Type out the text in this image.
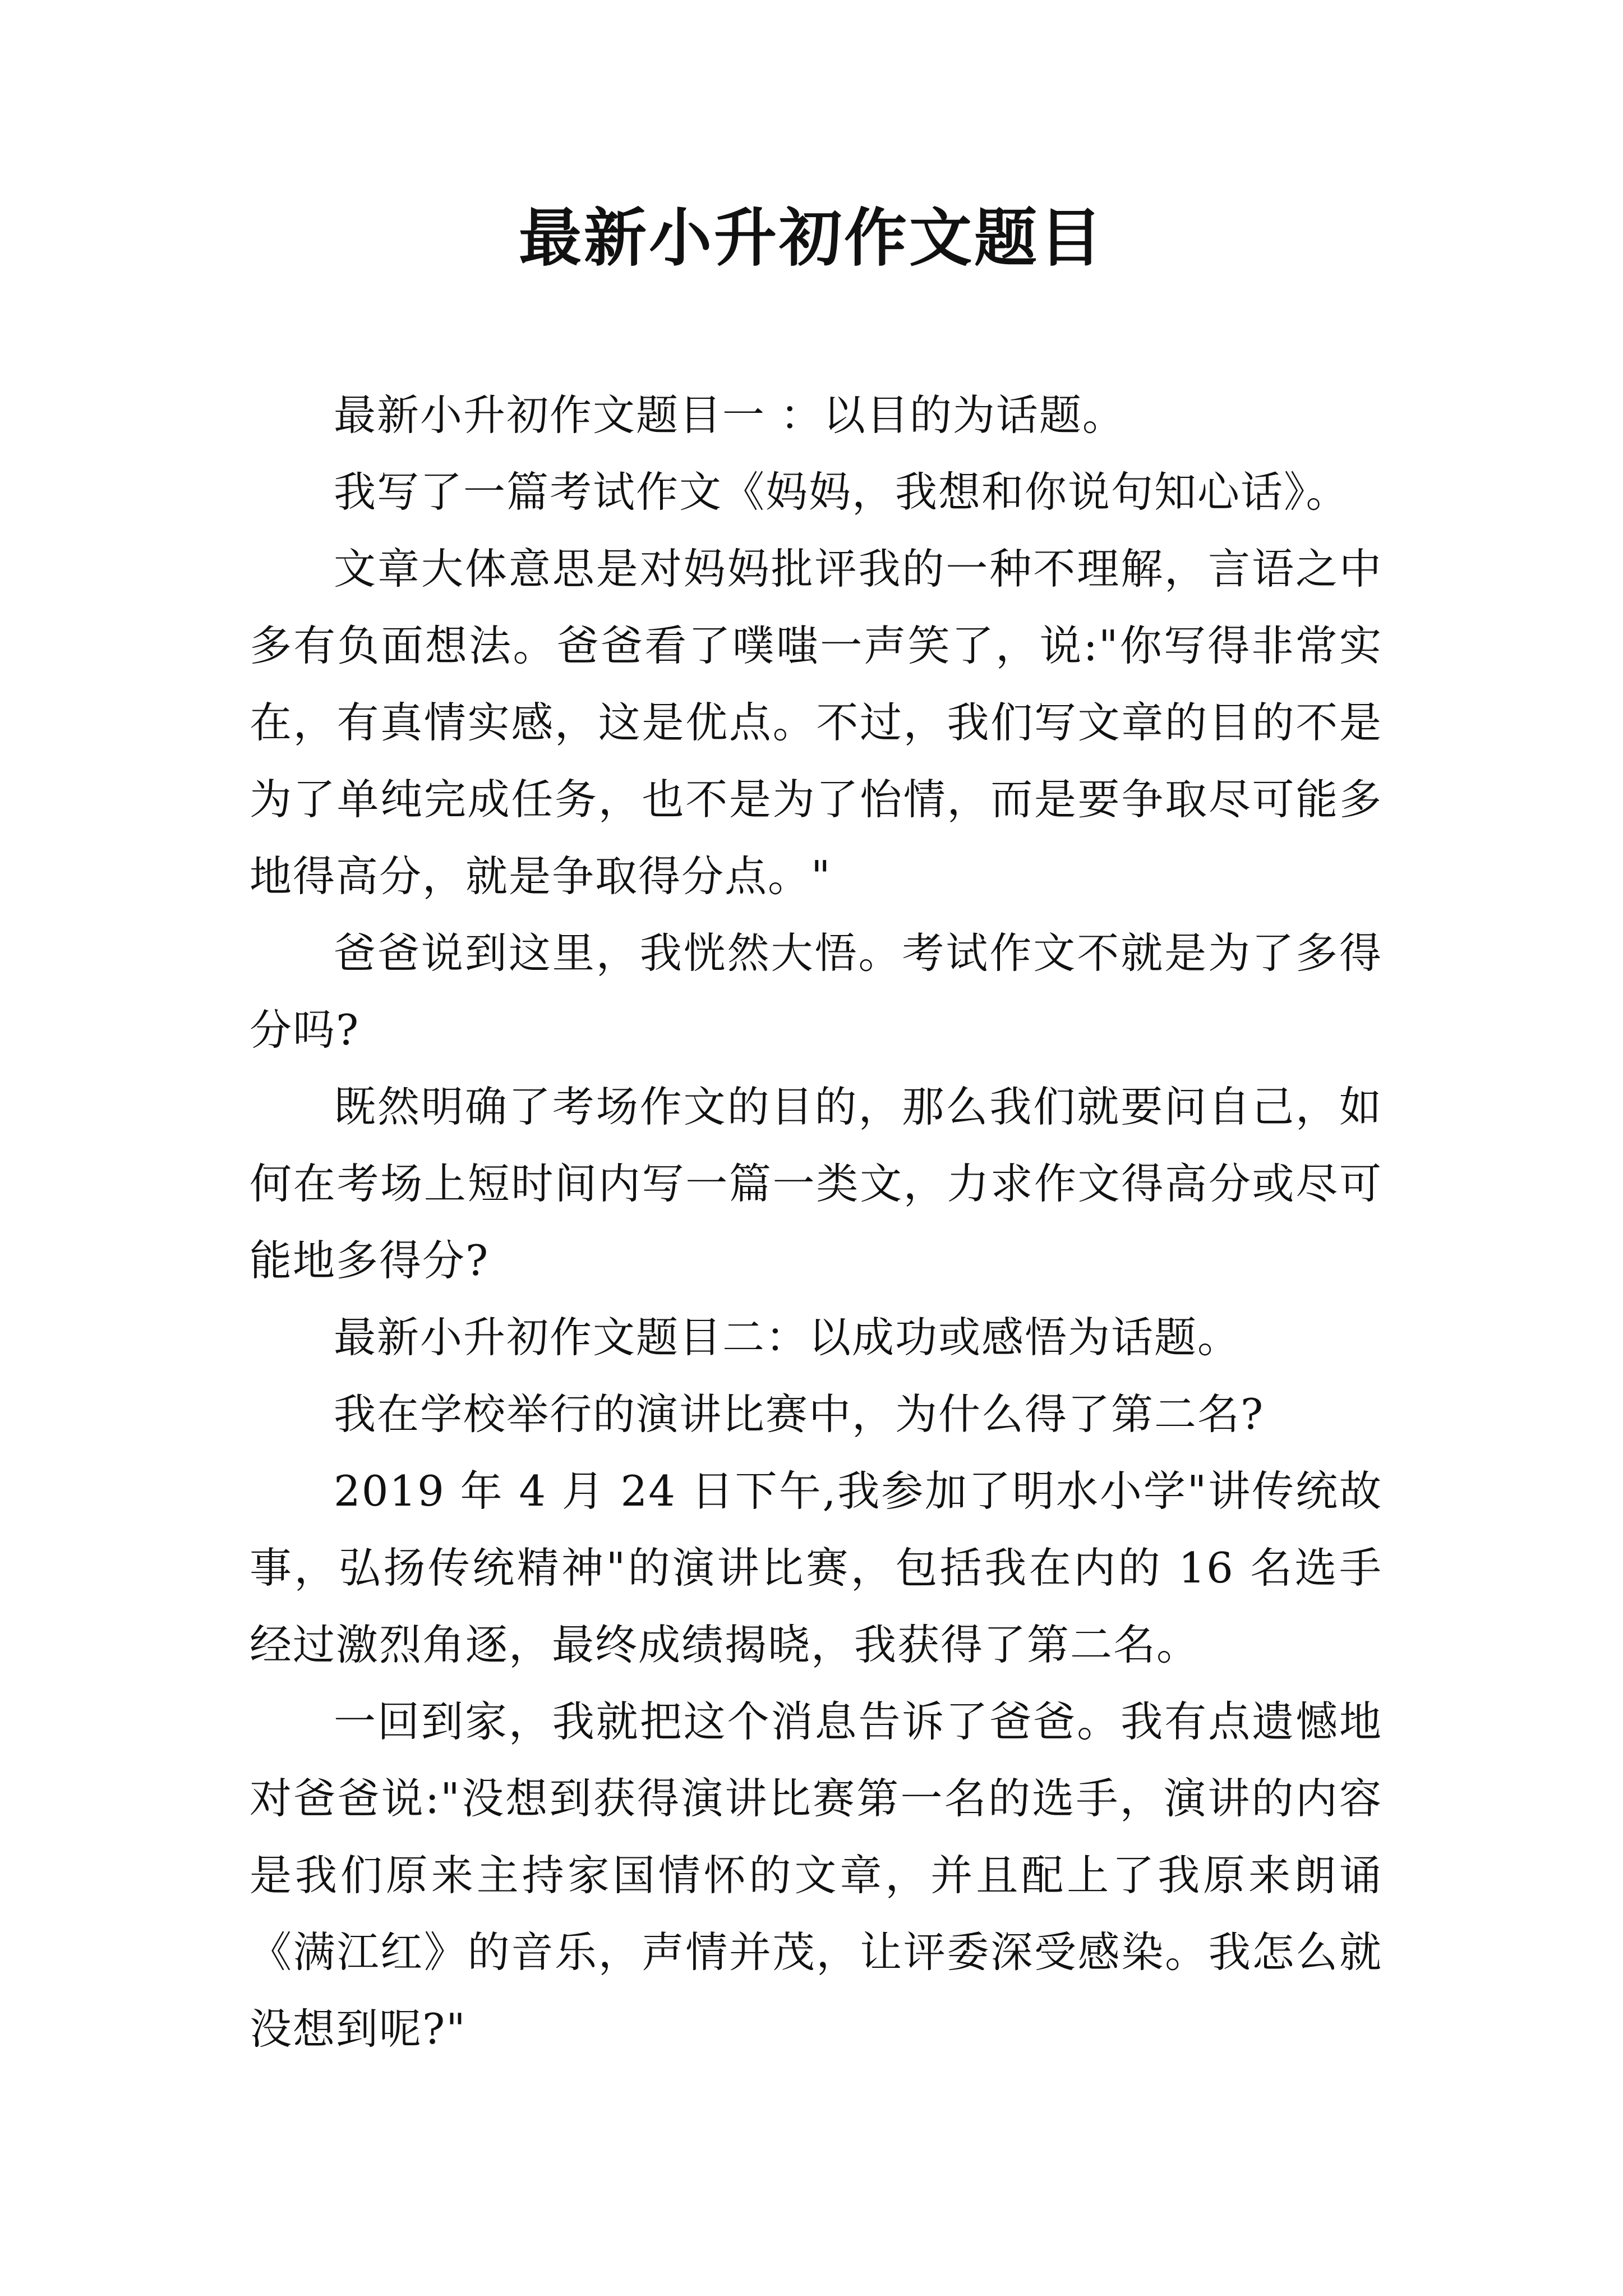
最新小升初作文题目

最新小升初作文题目一 ：以目的为话题。

我写了一篇考试作文《妈妈，我想和你说句知心话》。

文章大体意思是对妈妈批评我的一种不理解，言语之中多有负面想法。爸爸看了噗嗤一声笑了，说:"你写得非常实在，有真情实感，这是优点。不过，我们写文章的目的不是为了单纯完成任务，也不是为了怡情，而是要争取尽可能多地得高分，就是争取得分点。"

爸爸说到这里，我恍然大悟。考试作文不就是为了多得分吗?

既然明确了考场作文的目的，那么我们就要问自己，如何在考场上短时间内写一篇一类文，力求作文得高分或尽可能地多得分?

最新小升初作文题目二：以成功或感悟为话题。

我在学校举行的演讲比赛中，为什么得了第二名?

2019 年 4 月 24 日下午,我参加了明水小学"讲传统故事，弘扬传统精神"的演讲比赛，包括我在内的 16 名选手经过激烈角逐，最终成绩揭晓，我获得了第二名。

一回到家，我就把这个消息告诉了爸爸。我有点遗憾地对爸爸说:"没想到获得演讲比赛第一名的选手，演讲的内容是我们原来主持家国情怀的文章，并且配上了我原来朗诵《满江红》的音乐，声情并茂，让评委深受感染。我怎么就没想到呢?"
